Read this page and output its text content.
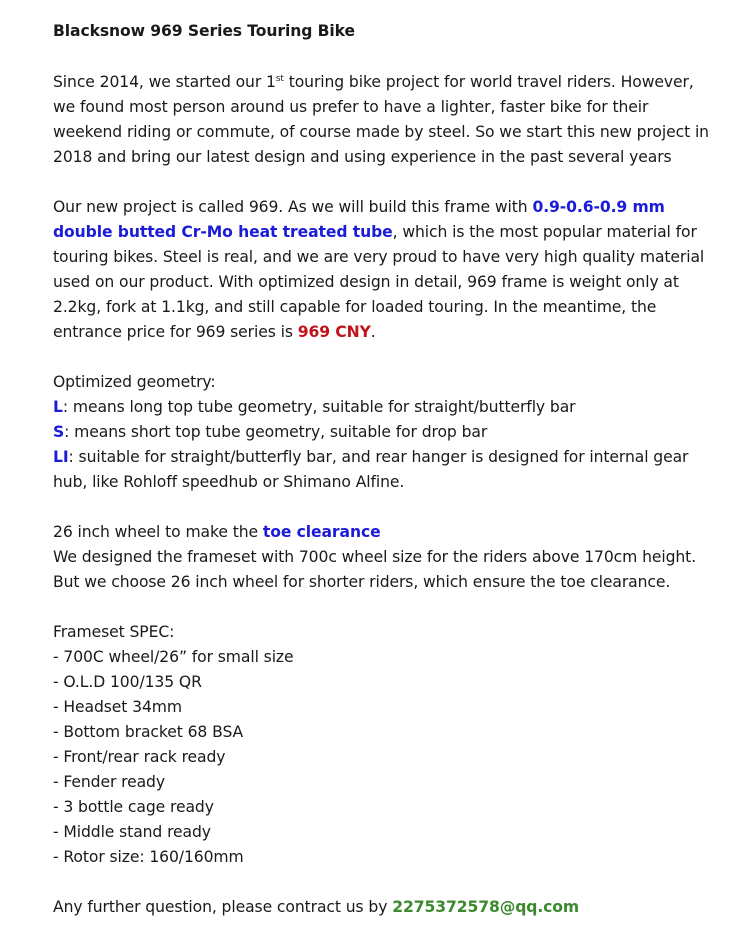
Blacksnow 969 Series Touring Bike
Since 2014, we started our 1st touring bike project for world travel riders. However,
we found most person around us prefer to have a lighter, faster bike for their
weekend riding or commute, of course made by steel. So we start this new project in
2018 and bring our latest design and using experience in the past several years
Our new project is called 969. As we will build this frame with 0.9-0.6-0.9 mm
double butted Cr-Mo heat treated tube, which is the most popular material for
touring bikes. Steel is real, and we are very proud to have very high quality material
used on our product. With optimized design in detail, 969 frame is weight only at
2.2kg, fork at 1.1kg, and still capable for loaded touring. In the meantime, the
entrance price for 969 series is 969 CNY.
Optimized geometry:
L: means long top tube geometry, suitable for straight/butterfly bar
S: means short top tube geometry, suitable for drop bar
LI: suitable for straight/butterfly bar, and rear hanger is designed for internal gear
hub, like Rohloff speedhub or Shimano Alfine.
26 inch wheel to make the toe clearance
We designed the frameset with 700c wheel size for the riders above 170cm height.
But we choose 26 inch wheel for shorter riders, which ensure the toe clearance.
Frameset SPEC:
- 700C wheel/26” for small size
- O.L.D 100/135 QR
- Headset 34mm
- Bottom bracket 68 BSA
- Front/rear rack ready
- Fender ready
- 3 bottle cage ready
- Middle stand ready
- Rotor size: 160/160mm
Any further question, please contract us by 2275372578@qq.com
